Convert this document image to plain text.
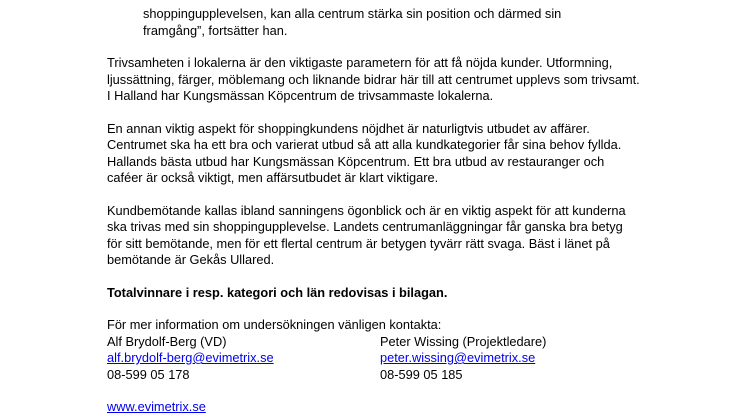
shoppingupplevelsen, kan alla centrum stärka sin position och därmed sin framgång”, fortsätter han.

Trivsamheten i lokalerna är den viktigaste parametern för att få nöjda kunder. Utformning, ljussättning, färger, möblemang och liknande bidrar här till att centrumet upplevs som trivsamt. I Halland har Kungsmässan Köpcentrum de trivsammaste lokalerna.

En annan viktig aspekt för shoppingkundens nöjdhet är naturligtvis utbudet av affärer. Centrumet ska ha ett bra och varierat utbud så att alla kundkategorier får sina behov fyllda. Hallands bästa utbud har Kungsmässan Köpcentrum. Ett bra utbud av restauranger och caféer är också viktigt, men affärsutbudet är klart viktigare.

Kundbemötande kallas ibland sanningens ögonblick och är en viktig aspekt för att kunderna ska trivas med sin shoppingupplevelse. Landets centrumanläggningar får ganska bra betyg för sitt bemötande, men för ett flertal centrum är betygen tyvärr rätt svaga. Bäst i länet på bemötande är Gekås Ullared.

Totalvinnare i resp. kategori och län redovisas i bilagan.

För mer information om undersökningen vänligen kontakta:

Alf Brydolf-Berg (VD)	Peter Wissing (Projektledare)
alf.brydolf-berg@evimetrix.se	peter.wissing@evimetrix.se
08-599 05 178	08-599 05 185

www.evimetrix.se
